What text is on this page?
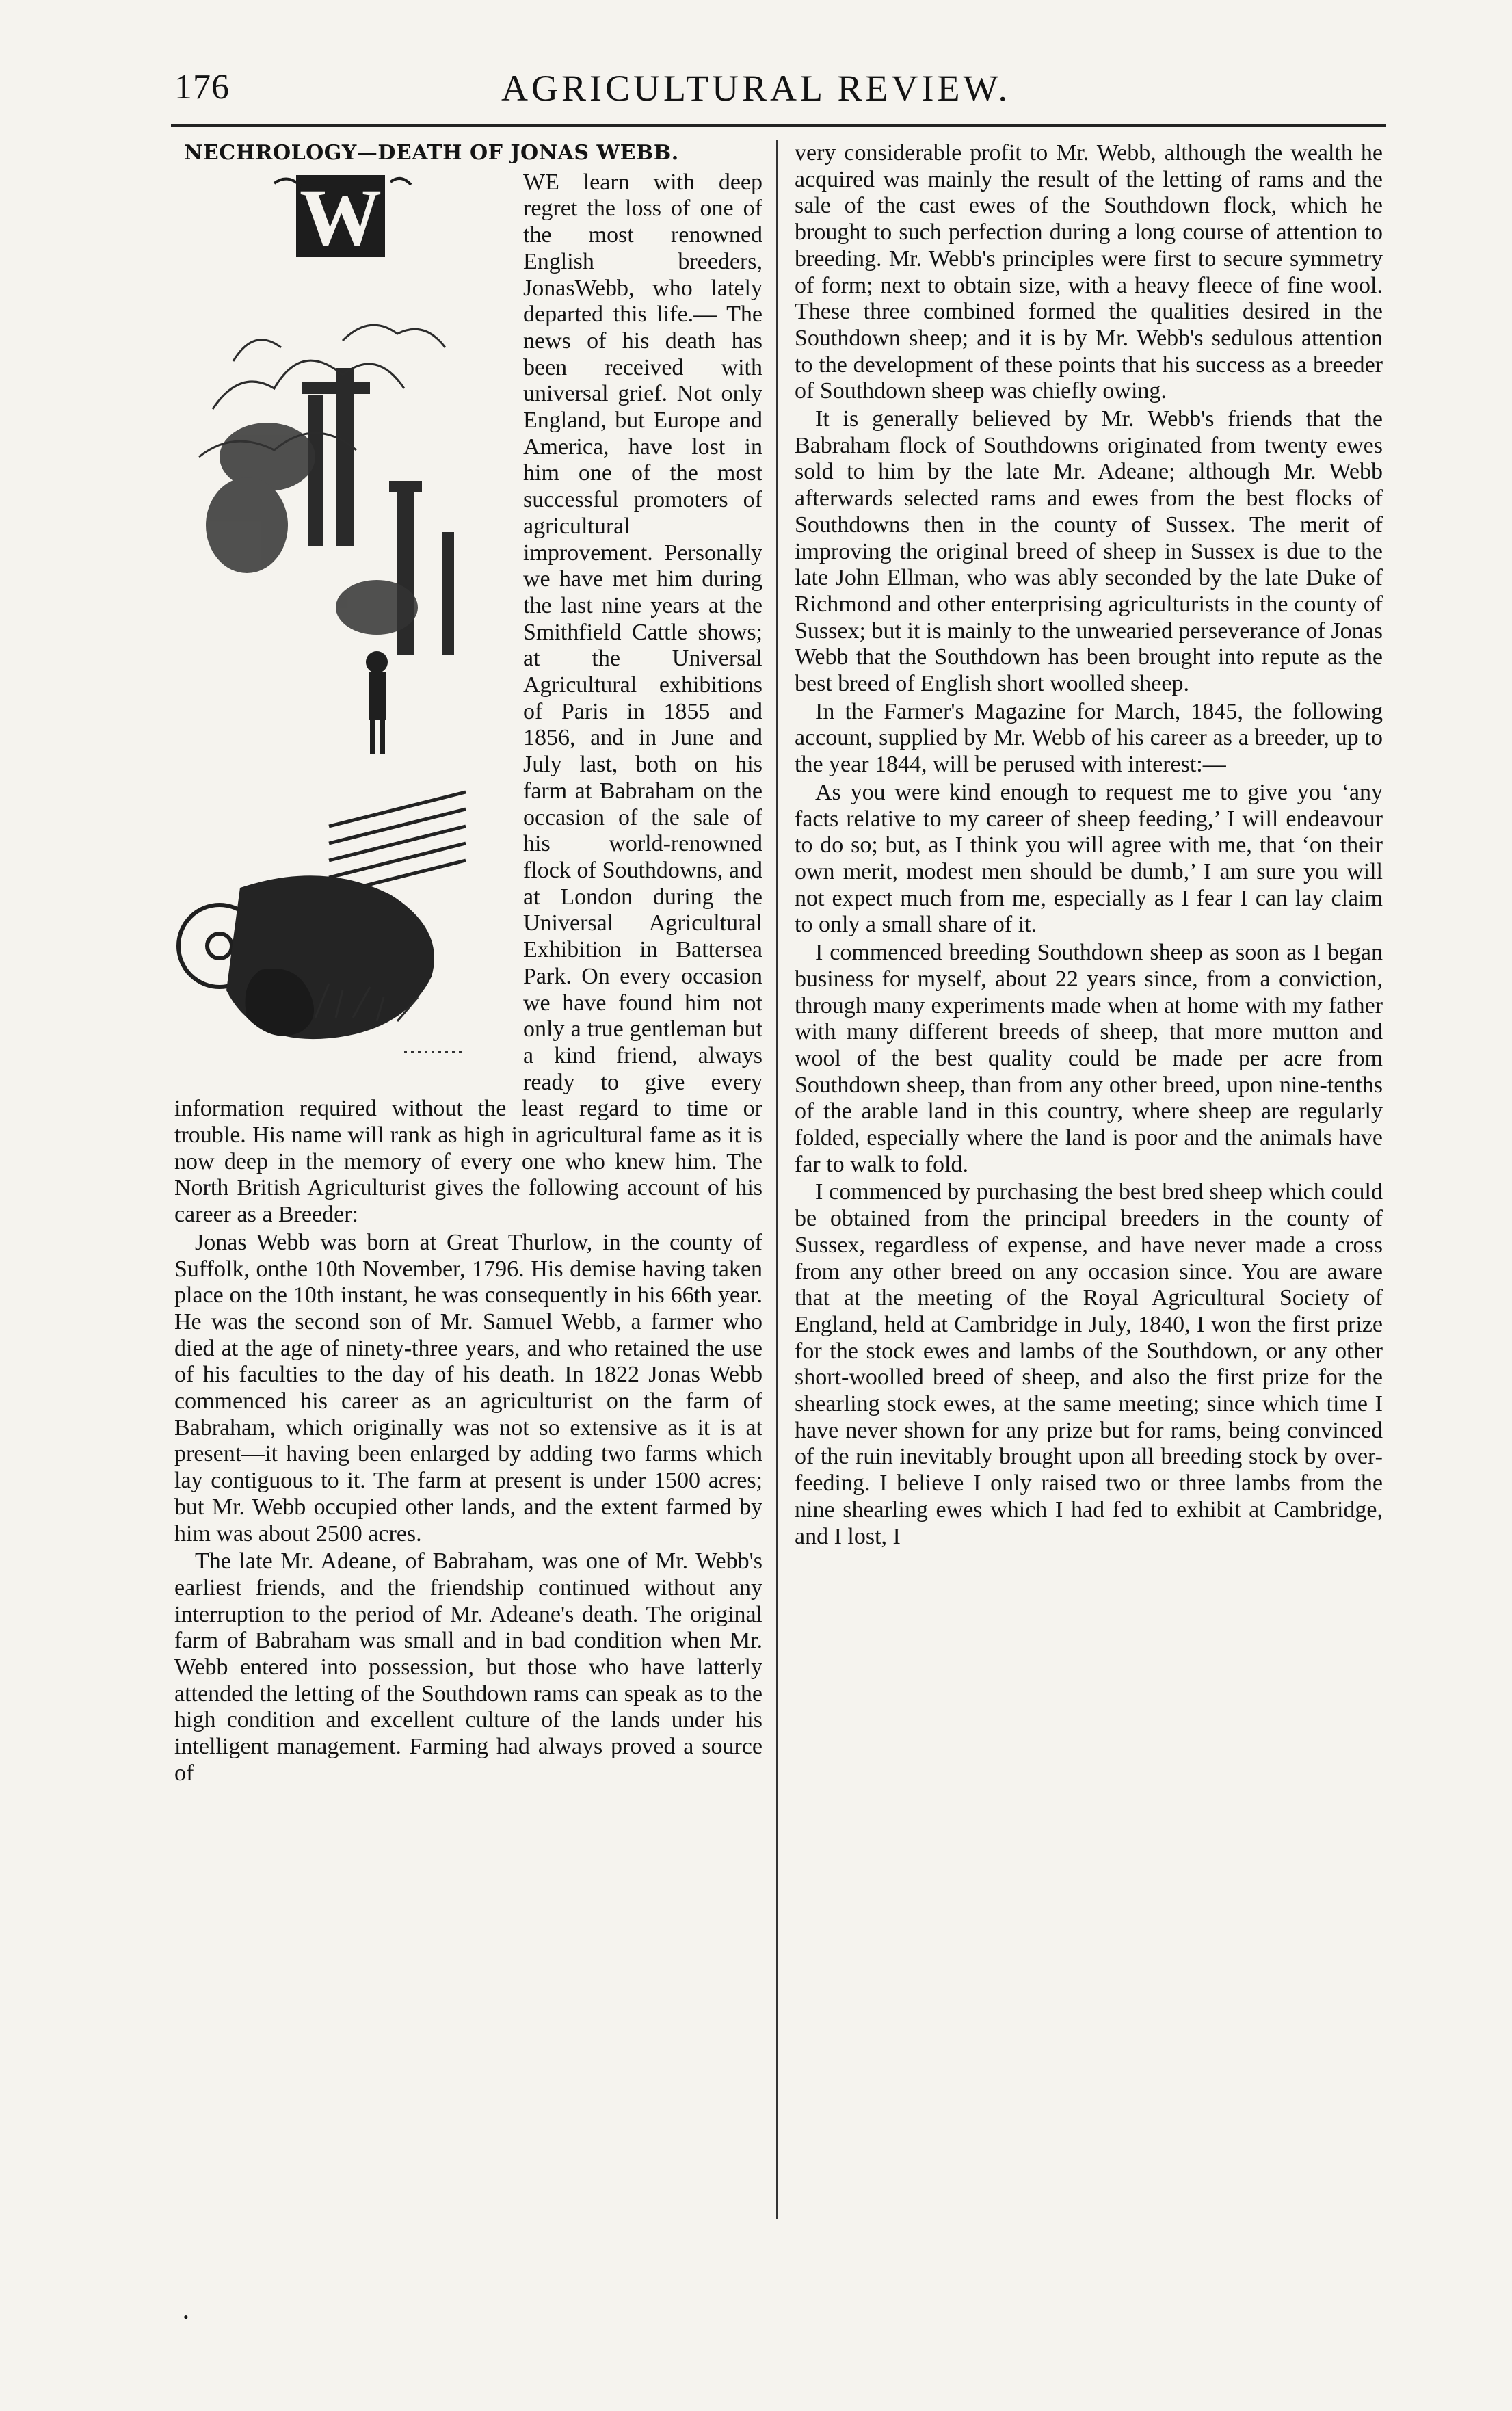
176	AGRICULTURAL REVIEW.
NECHROLOGY—DEATH OF JONAS WEBB.
W	WE learn with deep regret the loss of one of the most renowned English breeders, JonasWebb, who lately departed this life.— The news of his death has been received with universal grief. Not only England, but Europe and America, have lost in him one of the most successful promoters of agricultural improvement. Personally we have met him during the last nine years at the Smithfield Cattle shows; at the Universal Agricultural exhibitions of Paris in 1855 and 1856, and in June and July last, both on his farm at Babraham on the occasion of the sale of his world-renowned flock of Southdowns, and at London during the Universal Agricultural Exhibition in Battersea Park. On every occasion we have found him not only a true gentleman but a kind friend, always ready to give every information required without the least regard to time or trouble. His name will rank as high in agricultural fame as it is now deep in the memory of every one who knew him. The North British Agriculturist gives the following account of his career as a Breeder:

Jonas Webb was born at Great Thurlow, in the county of Suffolk, onthe 10th November, 1796. His demise having taken place on the 10th instant, he was consequently in his 66th year. He was the second son of Mr. Samuel Webb, a farmer who died at the age of ninety-three years, and who retained the use of his faculties to the day of his death. In 1822 Jonas Webb commenced his career as an agriculturist on the farm of Babraham, which originally was not so extensive as it is at present—it having been enlarged by adding two farms which lay contiguous to it. The farm at present is under 1500 acres; but Mr. Webb occupied other lands, and the extent farmed by him was about 2500 acres.

The late Mr. Adeane, of Babraham, was one of Mr. Webb's earliest friends, and the friendship continued without any interruption to the period of Mr. Adeane's death. The original farm of Babraham was small and in bad condition when Mr. Webb entered into possession, but those who have latterly attended the letting of the Southdown rams can speak as to the high condition and excellent culture of the lands under his intelligent management. Farming had always proved a source of

very considerable profit to Mr. Webb, although the wealth he acquired was mainly the result of the letting of rams and the sale of the cast ewes of the Southdown flock, which he brought to such perfection during a long course of attention to breeding. Mr. Webb's principles were first to secure symmetry of form; next to obtain size, with a heavy fleece of fine wool. These three combined formed the qualities desired in the Southdown sheep; and it is by Mr. Webb's sedulous attention to the development of these points that his success as a breeder of Southdown sheep was chiefly owing.

It is generally believed by Mr. Webb's friends that the Babraham flock of Southdowns originated from twenty ewes sold to him by the late Mr. Adeane; although Mr. Webb afterwards selected rams and ewes from the best flocks of Southdowns then in the county of Sussex. The merit of improving the original breed of sheep in Sussex is due to the late John Ellman, who was ably seconded by the late Duke of Richmond and other enterprising agriculturists in the county of Sussex; but it is mainly to the unwearied perseverance of Jonas Webb that the Southdown has been brought into repute as the best breed of English short woolled sheep.

In the Farmer's Magazine for March, 1845, the following account, supplied by Mr. Webb of his career as a breeder, up to the year 1844, will be perused with interest:—

As you were kind enough to request me to give you ‘any facts relative to my career of sheep feeding,’ I will endeavour to do so; but, as I think you will agree with me, that ‘on their own merit, modest men should be dumb,’ I am sure you will not expect much from me, especially as I fear I can lay claim to only a small share of it.

I commenced breeding Southdown sheep as soon as I began business for myself, about 22 years since, from a conviction, through many experiments made when at home with my father with many different breeds of sheep, that more mutton and wool of the best quality could be made per acre from Southdown sheep, than from any other breed, upon nine-tenths of the arable land in this country, where sheep are regularly folded, especially where the land is poor and the animals have far to walk to fold.

I commenced by purchasing the best bred sheep which could be obtained from the principal breeders in the county of Sussex, regardless of expense, and have never made a cross from any other breed on any occasion since. You are aware that at the meeting of the Royal Agricultural Society of England, held at Cambridge in July, 1840, I won the first prize for the stock ewes and lambs of the Southdown, or any other short-woolled breed of sheep, and also the first prize for the shearling stock ewes, at the same meeting; since which time I have never shown for any prize but for rams, being convinced of the ruin inevitably brought upon all breeding stock by over-feeding. I believe I only raised two or three lambs from the nine shearling ewes which I had fed to exhibit at Cambridge, and I lost, I

•
